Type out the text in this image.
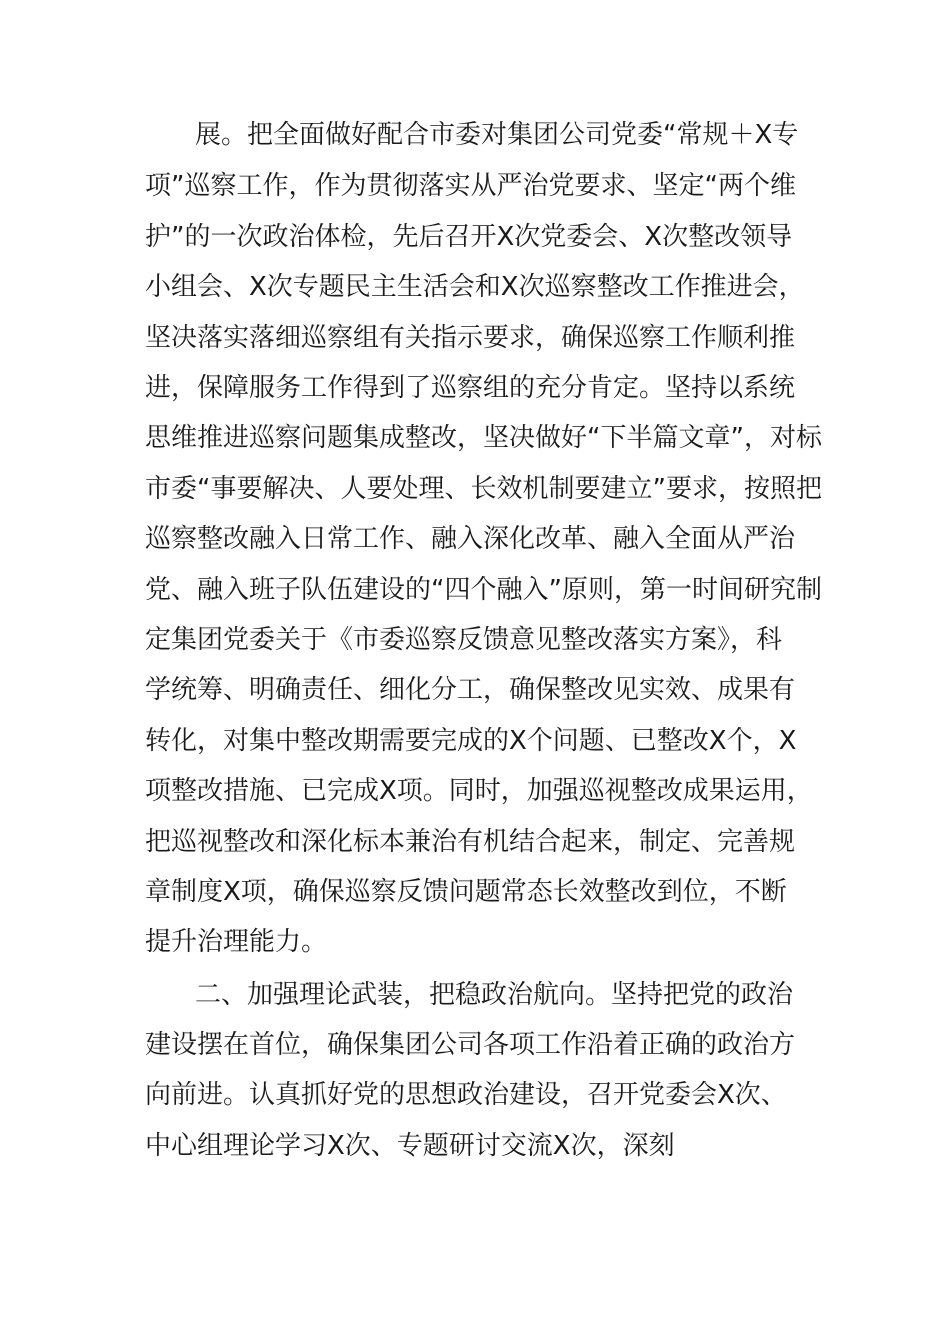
展。把全面做好配合市委对集团公司党委“常规＋X专
项”巡察工作，作为贯彻落实从严治党要求、坚定“两个维
护”的一次政治体检，先后召开X次党委会、X次整改领导
小组会、X次专题民主生活会和X次巡察整改工作推进会，
坚决落实落细巡察组有关指示要求，确保巡察工作顺利推
进，保障服务工作得到了巡察组的充分肯定。坚持以系统
思维推进巡察问题集成整改，坚决做好“下半篇文章”，对标
市委“事要解决、人要处理、长效机制要建立”要求，按照把
巡察整改融入日常工作、融入深化改革、融入全面从严治
党、融入班子队伍建设的“四个融入”原则，第一时间研究制
定集团党委关于《市委巡察反馈意见整改落实方案》，科
学统筹、明确责任、细化分工，确保整改见实效、成果有
转化，对集中整改期需要完成的X个问题、已整改X个，X
项整改措施、已完成X项。同时，加强巡视整改成果运用，
把巡视整改和深化标本兼治有机结合起来，制定、完善规
章制度X项，确保巡察反馈问题常态长效整改到位，不断
提升治理能力。
二、加强理论武装，把稳政治航向。坚持把党的政治
建设摆在首位，确保集团公司各项工作沿着正确的政治方
向前进。认真抓好党的思想政治建设，召开党委会X次、
中心组理论学习X次、专题研讨交流X次，深刻
